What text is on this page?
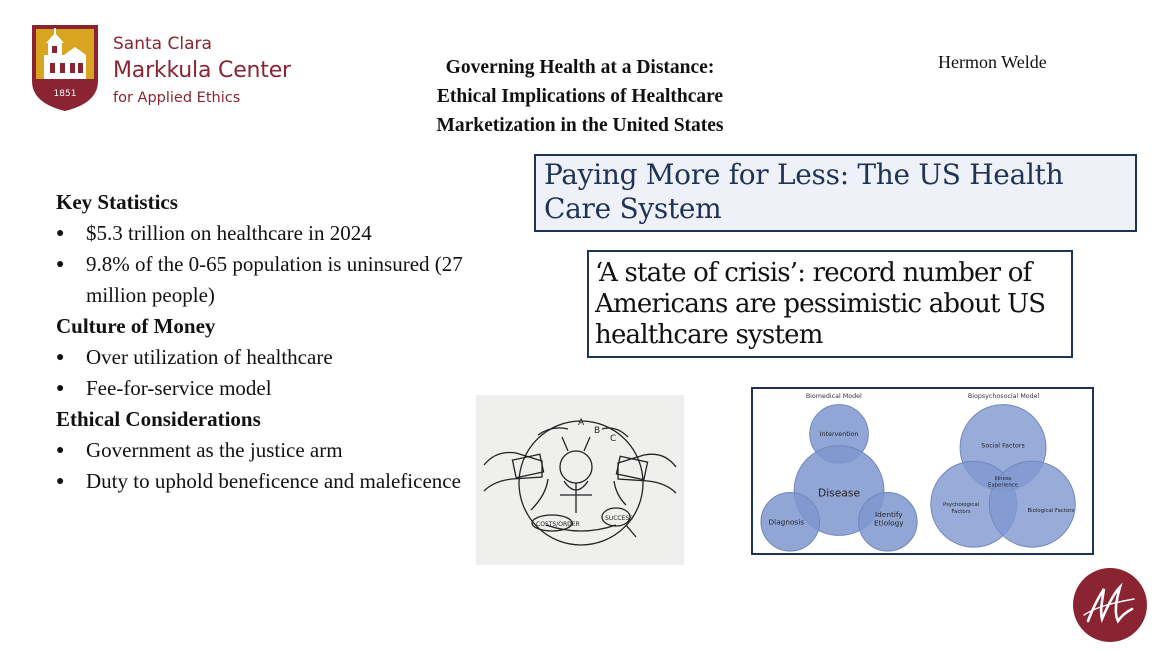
1851
Santa Clara
Markkula Center
for Applied Ethics
Governing Health at a Distance:
Ethical Implications of Healthcare
Marketization in the United States
Hermon Welde
Key Statistics
● $5.3 trillion on healthcare in 2024
● 9.8% of the 0-65 population is uninsured (27 million people)
Culture of Money
● Over utilization of healthcare
● Fee-for-service model
Ethical Considerations
● Government as the justice arm
● Duty to uphold beneficence and maleficence
Paying More for Less: The US Health Care System
‘A state of crisis’: record number of Americans are pessimistic about US healthcare system
A
B
C
COSTS/ORDER
SUCCESS
Biomedical Model	Biopsychosocial Model
Intervention
Disease
Diagnosis
Identify Etiology
Social Factors
Illness Experience
Psychological Factors	Biological Factors
